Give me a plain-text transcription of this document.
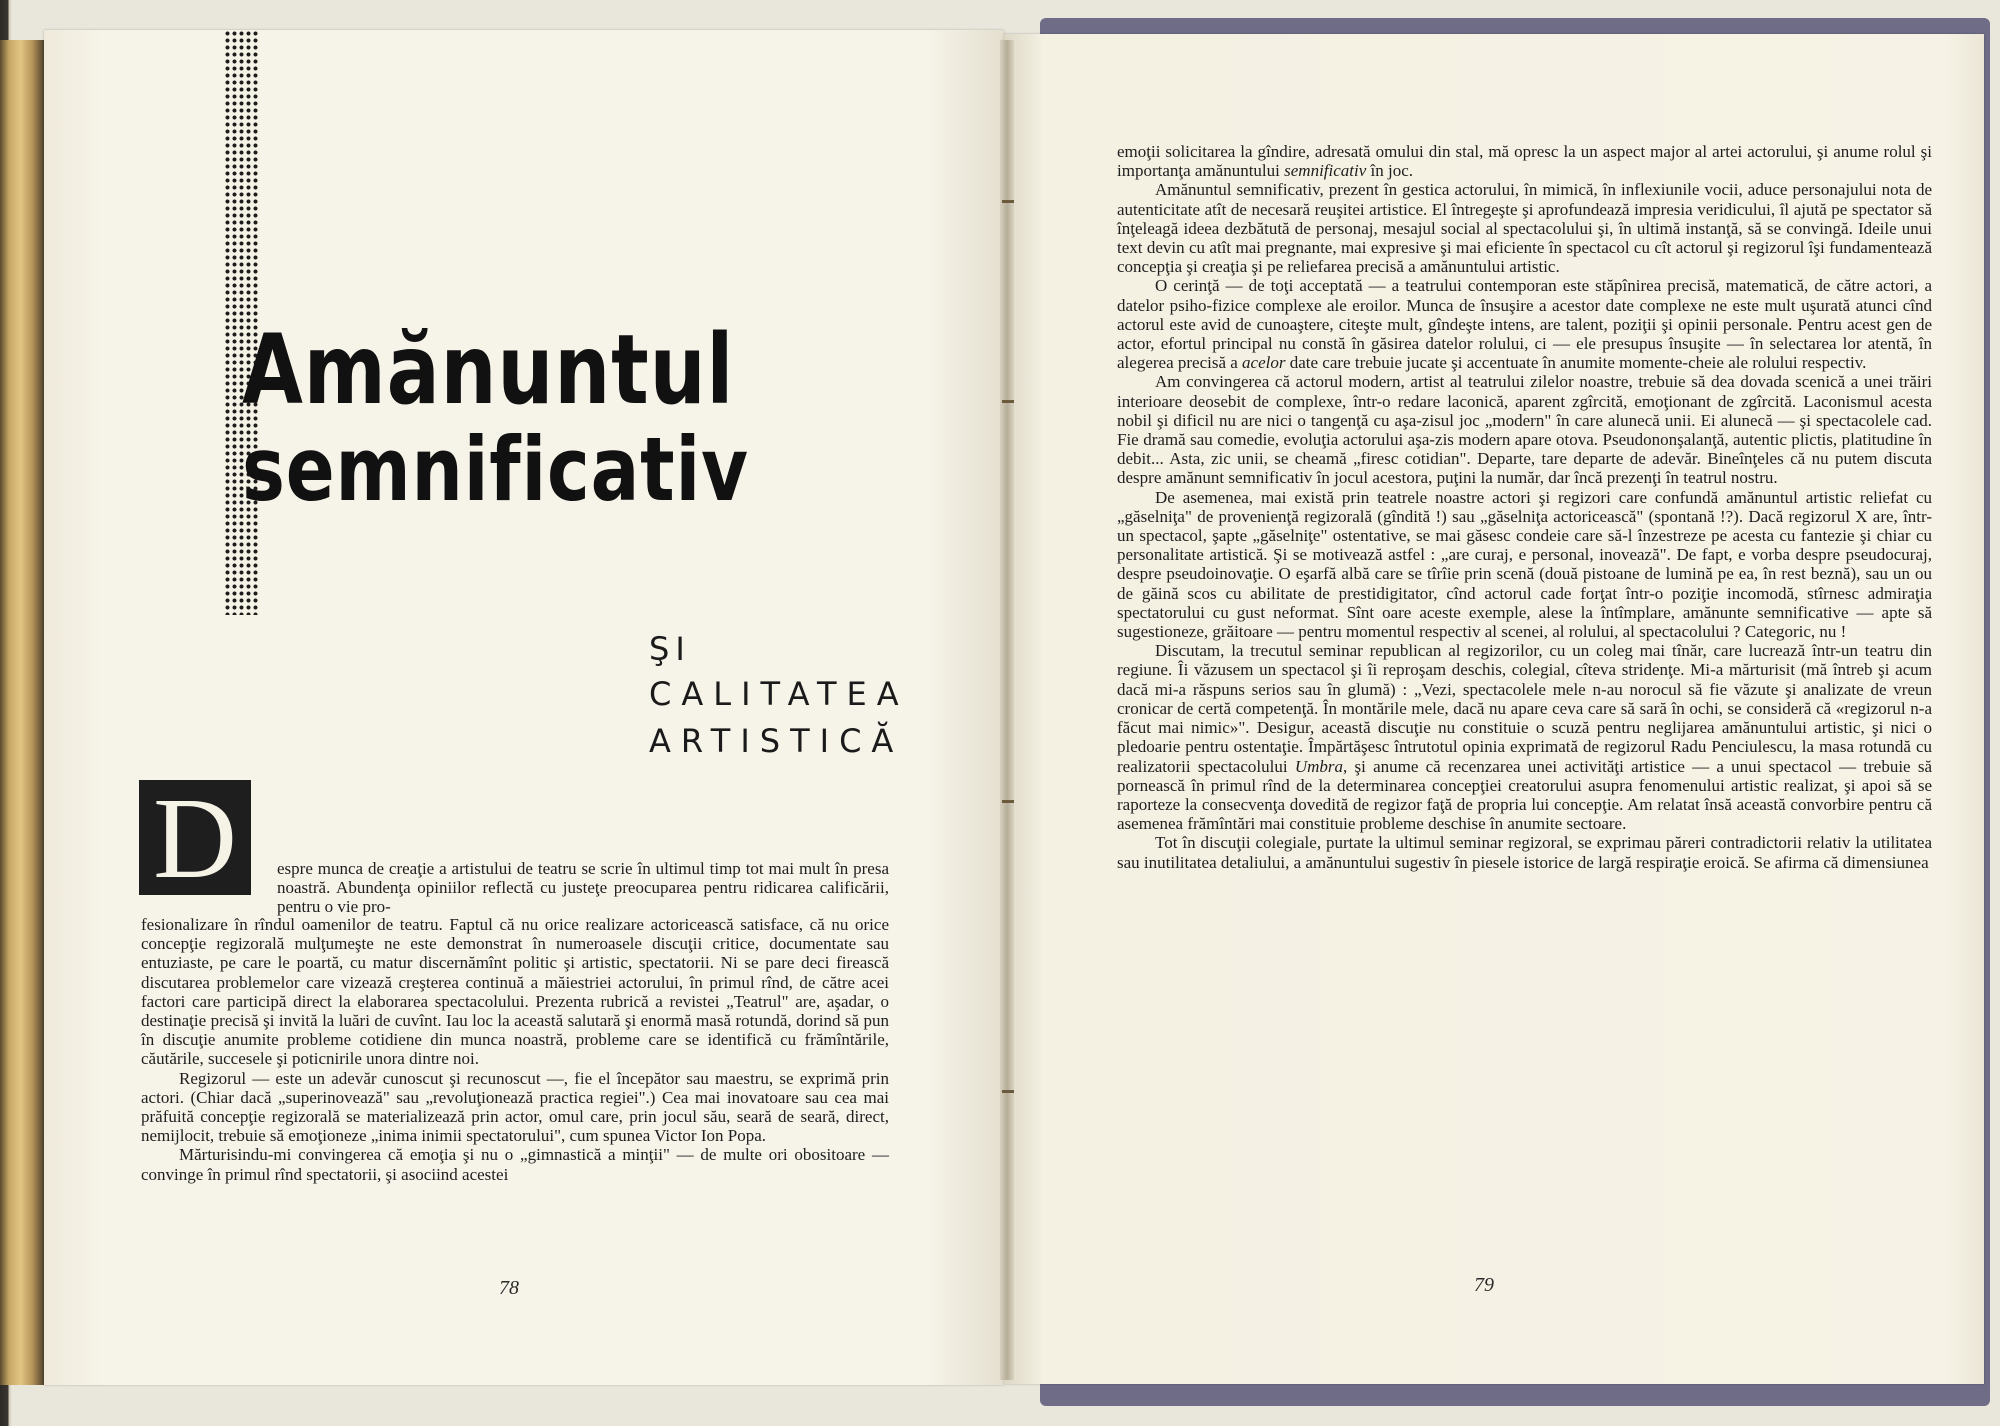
Amănuntul
semnificativ
ŞI
CALITATEA
ARTISTICĂ
D	espre munca de creaţie a artistului de teatru se scrie în ultimul timp tot mai mult în presa noastră. Abundenţa opiniilor reflectă cu justeţe preocuparea pentru ridicarea calificării, pentru o vie pro-

fesionalizare în rîndul oamenilor de teatru. Faptul că nu orice realizare actoricească satisface, că nu orice concepţie regizorală mulţumeşte ne este demonstrat în numeroasele discuţii critice, documentate sau entuziaste, pe care le poartă, cu matur discernămînt politic şi artistic, spectatorii. Ni se pare deci firească discutarea problemelor care vizează creşterea continuă a măiestriei actorului, în primul rînd, de către acei factori care participă direct la elaborarea spectacolului. Prezenta rubrică a revistei „Teatrul" are, aşadar, o destinaţie precisă şi invită la luări de cuvînt. Iau loc la această salutară şi enormă masă rotundă, dorind să pun în discuţie anumite probleme cotidiene din munca noastră, probleme care se identifică cu frămîntările, căutările, succesele şi poticnirile unora dintre noi.

Regizorul — este un adevăr cunoscut şi recunoscut —, fie el începător sau maestru, se exprimă prin actori. (Chiar dacă „superinovează" sau „revoluţionează practica regiei".) Cea mai inovatoare sau cea mai prăfuită concepţie regizorală se materializează prin actor, omul care, prin jocul său, seară de seară, direct, nemijlocit, trebuie să emoţioneze „inima inimii spectatorului", cum spunea Victor Ion Popa.

Mărturisindu-mi convingerea că emoţia şi nu o „gimnastică a minţii" — de multe ori obositoare — convinge în primul rînd spectatorii, şi asociind acestei

78

emoţii solicitarea la gîndire, adresată omului din stal, mă opresc la un aspect major al artei actorului, şi anume rolul şi importanţa amănuntului semnificativ în joc.

Amănuntul semnificativ, prezent în gestica actorului, în mimică, în inflexiunile vocii, aduce personajului nota de autenticitate atît de necesară reuşitei artistice. El întregeşte şi aprofundează impresia veridicului, îl ajută pe spectator să înţeleagă ideea dezbătută de personaj, mesajul social al spectacolului şi, în ultimă instanţă, să se convingă. Ideile unui text devin cu atît mai pregnante, mai expresive şi mai eficiente în spectacol cu cît actorul şi regizorul îşi fundamentează concepţia şi creaţia şi pe reliefarea precisă a amănuntului artistic.

O cerinţă — de toţi acceptată — a teatrului contemporan este stăpînirea precisă, matematică, de către actori, a datelor psiho-fizice complexe ale eroilor. Munca de însuşire a acestor date complexe ne este mult uşurată atunci cînd actorul este avid de cunoaştere, citeşte mult, gîndeşte intens, are talent, poziţii şi opinii personale. Pentru acest gen de actor, efortul principal nu constă în găsirea datelor rolului, ci — ele presupus însuşite — în selectarea lor atentă, în alegerea precisă a acelor date care trebuie jucate şi accentuate în anumite momente-cheie ale rolului respectiv.

Am convingerea că actorul modern, artist al teatrului zilelor noastre, trebuie să dea dovada scenică a unei trăiri interioare deosebit de complexe, într-o redare laconică, aparent zgîrcită, emoţionant de zgîrcită. Laconismul acesta nobil şi dificil nu are nici o tangenţă cu aşa-zisul joc „modern" în care alunecă unii. Ei alunecă — şi spectacolele cad. Fie dramă sau comedie, evoluţia actorului aşa-zis modern apare otova. Pseudononşalanţă, autentic plictis, platitudine în debit... Asta, zic unii, se cheamă „firesc cotidian". Departe, tare departe de adevăr. Bineînţeles că nu putem discuta despre amănunt semnificativ în jocul acestora, puţini la număr, dar încă prezenţi în teatrul nostru.

De asemenea, mai există prin teatrele noastre actori şi regizori care confundă amănuntul artistic reliefat cu „găselniţa" de provenienţă regizorală (gîndită !) sau „găselniţa actoricească" (spontană !?). Dacă regizorul X are, într-un spectacol, şapte „găselniţe" ostentative, se mai găsesc condeie care să-l înzestreze pe acesta cu fantezie şi chiar cu personalitate artistică. Şi se motivează astfel : „are curaj, e personal, inovează". De fapt, e vorba despre pseudocuraj, despre pseudoinovaţie. O eşarfă albă care se tîrîie prin scenă (două pistoane de lumină pe ea, în rest beznă), sau un ou de găină scos cu abilitate de prestidigitator, cînd actorul cade forţat într-o poziţie incomodă, stîrnesc admiraţia spectatorului cu gust neformat. Sînt oare aceste exemple, alese la întîmplare, amănunte semnificative — apte să sugestioneze, grăitoare — pentru momentul respectiv al scenei, al rolului, al spectacolului ? Categoric, nu !

Discutam, la trecutul seminar republican al regizorilor, cu un coleg mai tînăr, care lucrează într-un teatru din regiune. Îi văzusem un spectacol şi îi reproşam deschis, colegial, cîteva stridenţe. Mi-a mărturisit (mă întreb şi acum dacă mi-a răspuns serios sau în glumă) : „Vezi, spectacolele mele n-au norocul să fie văzute şi analizate de vreun cronicar de certă competenţă. În montările mele, dacă nu apare ceva care să sară în ochi, se consideră că «regizorul n-a făcut mai nimic»". Desigur, această discuţie nu constituie o scuză pentru neglijarea amănuntului artistic, şi nici o pledoarie pentru ostentaţie. Împărtăşesc întrutotul opinia exprimată de regizorul Radu Penciulescu, la masa rotundă cu realizatorii spectacolului Umbra, şi anume că recenzarea unei activităţi artistice — a unui spectacol — trebuie să pornească în primul rînd de la determinarea concepţiei creatorului asupra fenomenului artistic realizat, şi apoi să se raporteze la consecvenţa dovedită de regizor faţă de propria lui concepţie. Am relatat însă această convorbire pentru că asemenea frămîntări mai constituie probleme deschise în anumite sectoare.

Tot în discuţii colegiale, purtate la ultimul seminar regizoral, se exprimau păreri contradictorii relativ la utilitatea sau inutilitatea detaliului, a amănuntului sugestiv în piesele istorice de largă respiraţie eroică. Se afirma că dimensiunea

79
